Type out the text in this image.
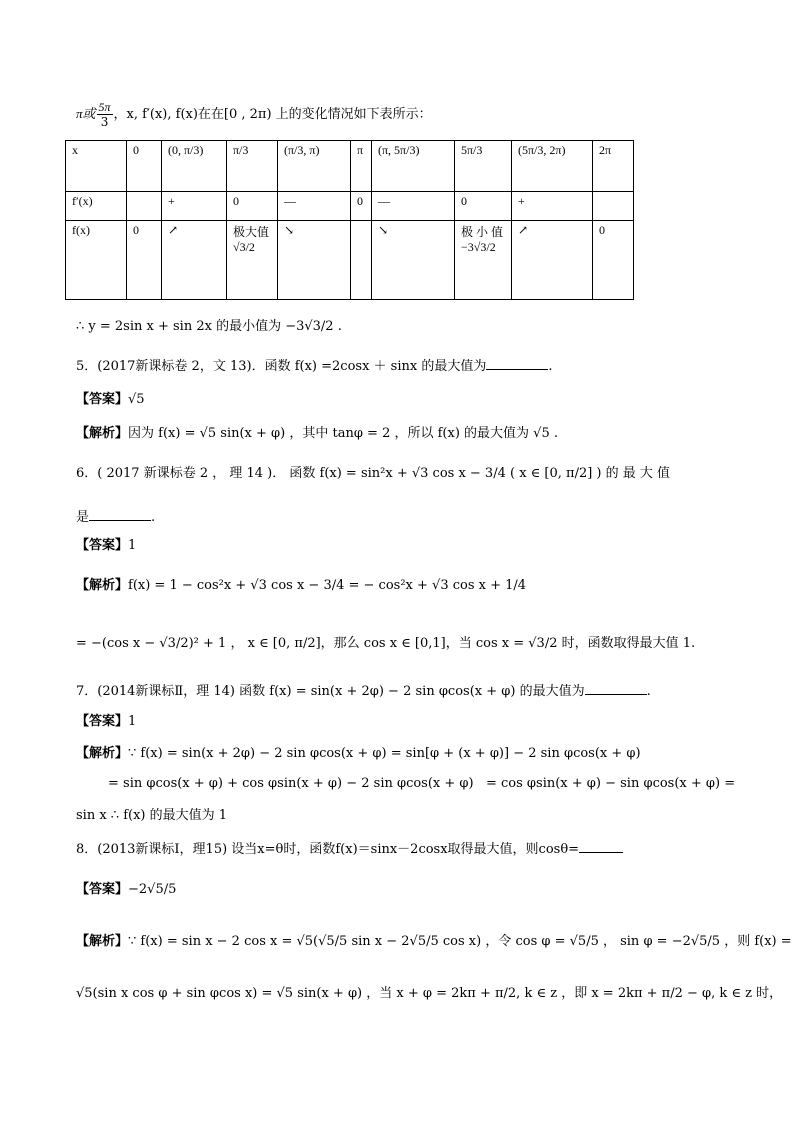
π或 $\frac{5\pi}{3}$ ，x, f′(x), f(x)在在[0 , 2π) 上的变化情况如下表所示：
x	0	(0, π/3)	π/3	(π/3, π)	π	(π, 5π/3)	5π/3	(5π/3, 2π)	2π
f′(x)		+	0	—	0	—	0	+	
f(x)	0	↗	极大值 √3/2	↘		↘	极 小 值 −3√3/2	↗	0
∴ y = 2sin x + sin 2x 的最小值为 −3√3/2 .
5．(2017新课标卷 2，文 13)．函数 f(x) =2cosx ＋ sinx 的最大值为	.
【答案】√5
【解析】因为 f(x) = √5 sin(x + φ) ，其中 tanφ = 2 ，所以 f(x) 的最大值为 √5 .
6．( 2017 新课标卷 2 ， 理 14 )． 函数 f(x) = sin²x + √3 cos x − 3/4 ( x ∈ [0, π/2] ) 的 最 大 值
是	.
【答案】1
【解析】f(x) = 1 − cos²x + √3 cos x − 3/4 = − cos²x + √3 cos x + 1/4
= −(cos x − √3/2)² + 1 ， x ∈ [0, π/2]，那么 cos x ∈ [0,1]，当 cos x = √3/2 时，函数取得最大值 1.
7．(2014新课标Ⅱ，理 14) 函数 f(x) = sin(x + 2φ) − 2 sin φcos(x + φ) 的最大值为	.
【答案】1
【解析】∵ f(x) = sin(x + 2φ) − 2 sin φcos(x + φ) = sin[φ + (x + φ)] − 2 sin φcos(x + φ)
= sin φcos(x + φ) + cos φsin(x + φ) − 2 sin φcos(x + φ) = cos φsin(x + φ) − sin φcos(x + φ) =
sin x ∴ f(x) 的最大值为 1
8．(2013新课标Ⅰ，理15) 设当x=θ时，函数f(x)＝sinx－2cosx取得最大值，则cosθ=
【答案】−2√5/5
【解析】∵ f(x) = sin x − 2 cos x = √5(√5/5 sin x − 2√5/5 cos x) ，令 cos φ = √5/5 ， sin φ = −2√5/5 ，则 f(x) =
√5(sin x cos φ + sin φcos x) = √5 sin(x + φ) ，当 x + φ = 2kπ + π/2, k ∈ z ，即 x = 2kπ + π/2 − φ, k ∈ z 时，
